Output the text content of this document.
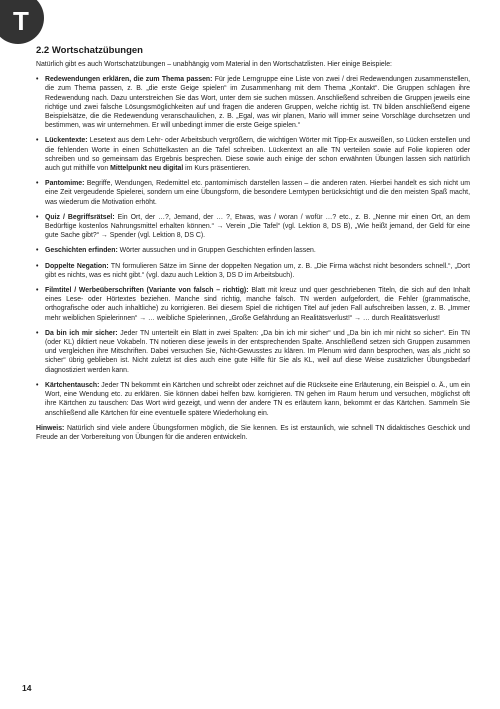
T
2.2 Wortschatzübungen

Natürlich gibt es auch Wortschatzübungen – unabhängig vom Material in den Wortschatzlisten. Hier einige Beispiele:

• Redewendungen erklären, die zum Thema passen: Für jede Lerngruppe eine Liste von zwei / drei Redewendungen zusammenstellen, die zum Thema passen, z. B. „die erste Geige spielen“ im Zusammenhang mit dem Thema „Kontakt“. Die Gruppen schlagen ihre Redewendung nach. Dazu unterstreichen Sie das Wort, unter dem sie suchen müssen. Anschließend schreiben die Gruppen jeweils eine richtige und zwei falsche Lösungsmöglichkeiten auf und fragen die anderen Gruppen, welche richtig ist. TN bilden anschließend eigene Beispielsätze, die die Redewendung veranschaulichen, z. B. „Egal, was wir planen, Mario will immer seine Vorschläge durchsetzen und bestimmen, was wir unternehmen. Er will unbedingt immer die erste Geige spielen.“
• Lückentexte: Lesetext aus dem Lehr- oder Arbeitsbuch vergrößern, die wichtigen Wörter mit Tipp-Ex ausweißen, so Lücken erstellen und die fehlenden Worte in einen Schüttelkasten an die Tafel schreiben. Lückentext an alle TN verteilen sowie auf Folie kopieren oder schreiben und so gemeinsam das Ergebnis besprechen. Diese sowie auch einige der schon erwähnten Übungen lassen sich natürlich auch gut mithilfe von Mittelpunkt neu digital im Kurs präsentieren.
• Pantomime: Begriffe, Wendungen, Redemittel etc. pantomimisch darstellen lassen – die anderen raten. Hierbei handelt es sich nicht um eine Zeit vergeudende Spielerei, sondern um eine Übungsform, die besondere Lerntypen berücksichtigt und die den meisten Spaß macht, was wiederum die Motivation erhöht.
• Quiz / Begriffsrätsel: Ein Ort, der …?, Jemand, der … ?, Etwas, was / woran / wofür …? etc., z. B. „Nenne mir einen Ort, an dem Bedürftige kostenlos Nahrungsmittel erhalten können.“ → Verein „Die Tafel“ (vgl. Lektion 8, DS B), „Wie heißt jemand, der Geld für eine gute Sache gibt?“ → Spender (vgl. Lektion 8, DS C).
• Geschichten erfinden: Wörter aussuchen und in Gruppen Geschichten erfinden lassen.
• Doppelte Negation: TN formulieren Sätze im Sinne der doppelten Negation um, z. B. „Die Firma wächst nicht besonders schnell.“, „Dort gibt es nichts, was es nicht gibt.“ (vgl. dazu auch Lektion 3, DS D im Arbeitsbuch).
• Filmtitel / Werbeüberschriften (Variante von falsch – richtig): Blatt mit kreuz und quer geschriebenen Titeln, die sich auf den Inhalt eines Lese- oder Hörtextes beziehen. Manche sind richtig, manche falsch. TN werden aufgefordert, die Fehler (grammatische, orthografische oder auch inhaltliche) zu korrigieren. Bei diesem Spiel die richtigen Titel auf jeden Fall aufschreiben lassen, z. B. „Immer mehr weiblichen Spielerinnen“ → … weibliche Spielerinnen, „Große Gefährdung an Realitätsverlust!“ → … durch Realitätsverlust!
• Da bin ich mir sicher: Jeder TN unterteilt ein Blatt in zwei Spalten: „Da bin ich mir sicher“ und „Da bin ich mir nicht so sicher“. Ein TN (oder KL) diktiert neue Vokabeln. TN notieren diese jeweils in der entsprechenden Spalte. Anschließend setzen sich Gruppen zusammen und vergleichen ihre Mitschriften. Dabei versuchen Sie, Nicht-Gewusstes zu klären. Im Plenum wird dann besprochen, was als „nicht so sicher“ übrig geblieben ist. Nicht zuletzt ist dies auch eine gute Hilfe für Sie als KL, weil auf diese Weise zusätzlicher Übungsbedarf diagnostiziert werden kann.
• Kärtchentausch: Jeder TN bekommt ein Kärtchen und schreibt oder zeichnet auf die Rückseite eine Erläuterung, ein Beispiel o. Ä., um ein Wort, eine Wendung etc. zu erklären. Sie können dabei helfen bzw. korrigieren. TN gehen im Raum herum und versuchen, möglichst oft ihre Kärtchen zu tauschen: Das Wort wird gezeigt, und wenn der andere TN es erläutern kann, bekommt er das Kärtchen. Sammeln Sie anschließend alle Kärtchen für eine eventuelle spätere Wiederholung ein.

Hinweis: Natürlich sind viele andere Übungsformen möglich, die Sie kennen. Es ist erstaunlich, wie schnell TN didaktisches Geschick und Freude an der Vorbereitung von Übungen für die anderen entwickeln.

14
